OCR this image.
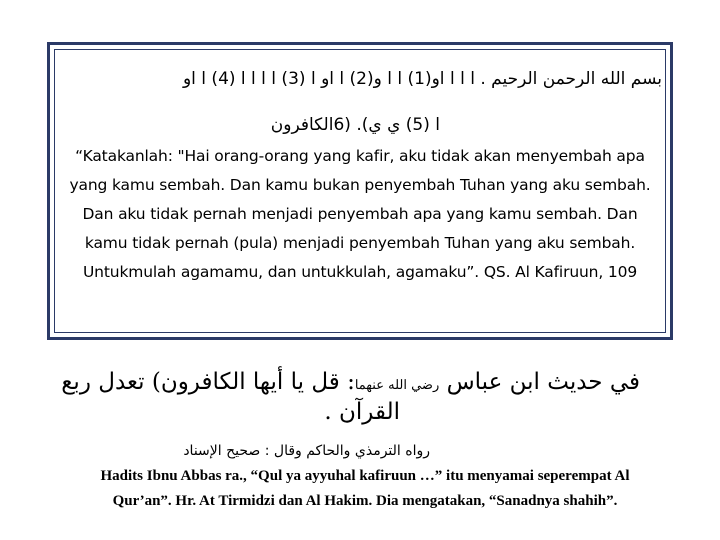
بسم الله الرحمن الرحيم . ا ا ا او(1) ا ا و(2) ا او ا (3) ا ا ا ا (4) ا او
ا (5) ي ي). (6الكافرون

“Katakanlah: "Hai orang-orang yang kafir, aku tidak akan menyembah apa

yang kamu sembah. Dan kamu bukan penyembah Tuhan yang aku sembah.

Dan aku tidak pernah menjadi penyembah apa yang kamu sembah. Dan

kamu tidak pernah (pula) menjadi penyembah Tuhan yang aku sembah.

Untukmulah agamamu, dan untukkulah, agamaku”. QS. Al Kafiruun, 109

في حديث ابن عباس رضي الله عنهما: قل يا أيها الكافرون) تعدل ربع
القرآن .
رواه الترمذي والحاكم وقال : صحيح الإسناد

Hadits Ibnu Abbas ra., “Qul ya ayyuhal kafiruun …” itu menyamai seperempat Al

Qur’an”. Hr. At Tirmidzi dan Al Hakim. Dia mengatakan, “Sanadnya shahih”.
